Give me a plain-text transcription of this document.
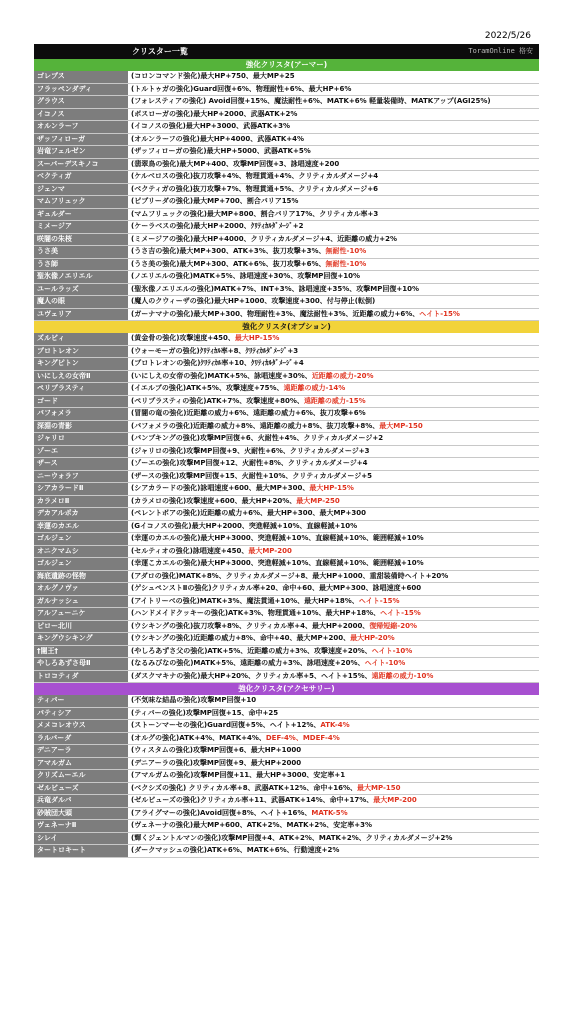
2022/5/26
クリスター一覧	ToramOnline 格安
強化クリスタ(アーマー)
ゴレプス	(コロンコマンド強化)最大HP+750、最大MP+25
フラッペンダディ	(トルトゥガの強化)Guard回復+6%、物理耐性+6%、最大HP+6%
グラウス	(フォレスティアの強化) Avoid回復+15%、魔法耐性+6%、MATK+6% 軽量装備時、MATKアップ(AGI25%)
イコノス	(ボスローガの強化)最大HP+2000、武器ATK+2%
オルンラーフ	(イコノスの強化)最大HP+3000、武器ATK+3%
ザッフィローガ	(オルンラーフの強化)最大HP+4000、武器ATK+4%
岩竜フェルゼン	(ザッフィローガの強化)最大HP+5000、武器ATK+5%
スーパーデスキノコ	(翡翠鳥の強化)最大MP+400、攻撃MP回復+3、詠唱速度+200
ベクティガ	(ケルベロスの強化)抜刀攻撃+4%、物理貫通+4%、クリティカルダメージ+4
ジェンマ	(ベクティガの強化)抜刀攻撃+7%、物理貫通+5%、クリティカルダメージ+6
マムフリュック	(ピブリーダの強化)最大MP+700、割合バリア15%
ギュルダー	(マムフリュックの強化)最大MP+800、割合バリア17%、クリティカル率+3
ミメージア	(ケーラベスの強化)最大HP+2000、ｸﾘﾃｨｶﾙﾀﾞﾒｰｼﾞ+2
咲闇の朱桜	(ミメージアの強化)最大HP+4000、クリティカルダメージ+4、近距離の威力+2%
うさ美	(うさ吉の強化)最大MP+300、ATK+3%、抜刀攻撃+3%、無耐性-10%
うさ師	(うさ美の強化)最大MP+300、ATK+6%、抜刀攻撃+6%、無耐性-10%
聖氷像ノエリエル	(ノエリエルの強化)MATK+5%、詠唱速度+30%、攻撃MP回復+10%
ユールラッズ	(聖氷像ノエリエルの強化)MATK+7%、INT+3%、詠唱速度+35%、攻撃MP回復+10%
魔人の眼	(魔人のクウィーザの強化)最大HP+1000、攻撃速度+300、付与停止(転倒)
ユヴェリア	(ガーナマナの強化)最大MP+300、物理耐性+3%、魔法耐性+3%、近距離の威力+6%、ヘイト-15%
強化クリスタ(オプション)
ズルビィ	(黄金骨の強化)攻撃速度+450、最大HP-15%
プロトレオン	(ウォーモーガの強化)ｸﾘﾃｨｶﾙ率+8、ｸﾘﾃｨｶﾙﾀﾞﾒｰｼﾞ+3
キングピトン	(プロトレオンの強化)ｸﾘﾃｨｶﾙ率+10、ｸﾘﾃｨｶﾙﾀﾞﾒｰｼﾞ+4
いにしえの女帝Ⅱ	(いにしえの女帝の強化)MATK+5%、詠唱速度+30%、近距離の威力-20%
ペリプラスティ	(イエルブの強化)ATK+5%、攻撃速度+75%、遠距離の威力-14%
ゴード	(ペリプラスティの強化)ATK+7%、攻撃速度+80%、遠距離の威力-15%
バフォメラ	(冒闇の竜の強化)近距離の威力+6%、遠距離の威力+6%、抜刀攻撃+6%
深淵の青影	(バフォメラの強化)近距離の威力+8%、遠距離の威力+8%、抜刀攻撃+8%、最大MP-150
ジャリロ	(バンプキングの強化)攻撃MP回復+6、火耐性+4%、クリティカルダメージ+2
ゾーエ	(ジャリロの強化)攻撃MP回復+9、火耐性+6%、クリティカルダメージ+3
ザース	(ゾーエの強化)攻撃MP回復+12、火耐性+8%、クリティカルダメージ+4
ニーウォラフ	(ザースの強化)攻撃MP回復+15、火耐性+10%、クリティカルダメージ+5
シアカラードⅡ	(シアカラードの強化)詠唱速度+600、最大MP+300、最大HP-15%
カラメロⅡ	(カラメロの強化)攻撃速度+600、最大HP+20%、最大MP-250
デカアルポカ	(ペレントボアの強化)近距離の威力+6%、最大HP+300、最大MP+300
幸運のカエル	(Gイコノスの強化)最大HP+2000、突進軽減+10%、直線軽減+10%
ゴルジェン	(幸運のカエルの強化)最大HP+3000、突進軽減+10%、直線軽減+10%、範囲軽減+10%
オニクマムシ	(セルティオの強化)詠唱速度+450、最大MP-200
ゴルジェン	(幸運こカエルの強化)最大HP+3000、突進軽減+10%、直線軽減+10%、範囲軽減+10%
海底遺跡の怪物	(アダロの強化)MATK+8%、クリティカルダメージ+8、最大HP+1000、重甜装備時ヘイト+20%
オルグノヴァ	(ゲシュペンストⅡの強化)クリティカル率+20、命中+60、最大MP+300、詠唱速度+600
ガルナッシュ	(アイトリーベの強化)MATK+3%、魔法貫通+10%、最大HP+18%、ヘイト-15%
アルフューニケ	(ハンドメイドクッキーの強化)ATK+3%、物理貫通+10%、最大HP+18%、ヘイト-15%
ピロー北川	(ウシキングの強化)抜刀攻撃+8%、クリティカル率+4、最大HP+2000、復帰短縮-20%
キングウシキング	(ウシキングの強化)近距離の威力+8%、命中+40、最大MP+200、最大HP-20%
†闇王†	(やしろあずさ父の強化)ATK+5%、近距離の威力+3%、攻撃速度+20%、ヘイト-10%
やしろあずさ母Ⅱ	(なるみびなの強化)MATK+5%、遠距離の威力+3%、詠唱速度+20%、ヘイト-10%
トロコティダ	(ダスクマキナの強化)最大HP+20%、クリティカル率+5、ヘイト+15%、遠距離の威力-10%
強化クリスタ(アクセサリー)
ティバー	(不気味な結晶の強化)攻撃MP回復+10
パティシア	(ティバーの強化)攻撃MP回復+15、命中+25
メメコレオウス	(ストーンマーセの強化)Guard回復+5%、ヘイト+12%、ATK-4%
ラルバーダ	(オルグの強化)ATK+4%、MATK+4%、DEF-4%、MDEF-4%
デニアーラ	(ウィスタムの強化)攻撃MP回復+6、最大HP+1000
アマルガム	(デニアーラの強化)攻撃MP回復+9、最大HP+2000
クリズムーエル	(アマルガムの強化)攻撃MP回復+11、最大HP+3000、安定率+1
ゼルビューズ	(ベクシズの強化) クリティカル率+8、武器ATK+12%、命中+16%、最大MP-150
兵竜ダルバ	(ゼルビューズの強化)クリティカル率+11、武器ATK+14%、命中+17%、最大MP-200
砂賊団大頭	(アライグマーの強化)Avoid回復+8%、ヘイト+16%、MATK-5%
ヴェネーナⅡ	(ヴェネーナの強化)最大MP+600、ATK+2%、MATK+2%、安定率+3%
シレイ	(輝くジェントルマンの強化)攻撃MP回復+4、ATK+2%、MATK+2%、クリティカルダメージ+2%
タートロキート	(ダークマッシュの強化)ATK+6%、MATK+6%、行動速度+2%
